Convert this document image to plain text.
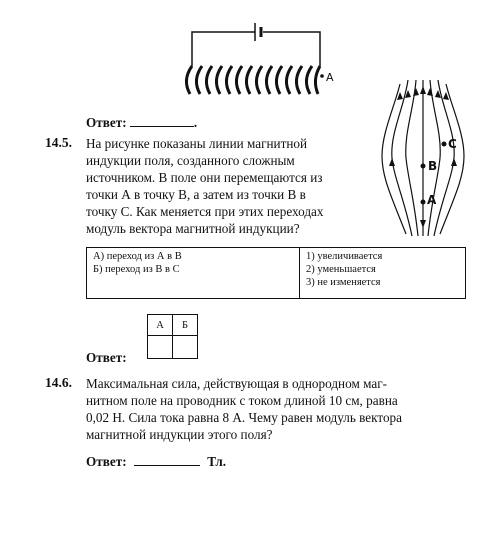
A
Ответ:	.
14.5. На рисунке показаны линии магнитной
индукции поля, созданного сложным
источником. В поле они перемещаются из
точки А в точку В, а затем из точки В в
точку С. Как меняется при этих переходах
модуль вектора магнитной индукции?
A
B
C
А) переход из А в В
Б) переход из В в С

1) увеличивается
2) уменьшается
3) не изменяется
А	Б

Ответ:
14.6. Максимальная сила, действующая в однородном маг-
нитном поле на проводник с током длиной 10 см, равна
0,02 Н. Сила тока равна 8 А. Чему равен модуль вектора
магнитной индукции этого поля?
Ответ:	Тл.
